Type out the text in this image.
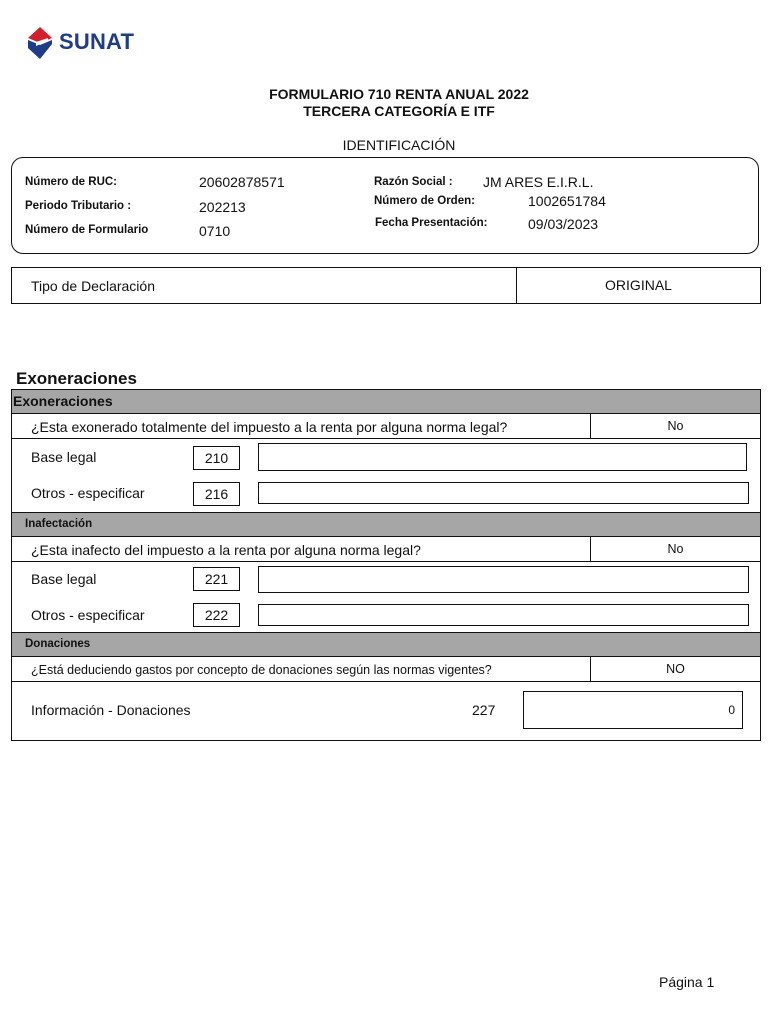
SUNAT
FORMULARIO 710 RENTA ANUAL 2022
TERCERA CATEGORÍA E ITF
IDENTIFICACIÓN
Número de RUC:	20602878571
Periodo Tributario :	202213
Número de Formulario	0710
Razón Social : JM ARES E.I.R.L.
Número de Orden:	1002651784
Fecha Presentación:	09/03/2023
Tipo de Declaración	ORIGINAL
Exoneraciones
Exoneraciones
¿Esta exonerado totalmente del impuesto a la renta por alguna norma legal?	No
Base legal	210
Otros - especificar	216
Inafectación
¿Esta inafecto del impuesto a la renta por alguna norma legal?	No
Base legal	221
Otros - especificar	222
Donaciones
¿Está deduciendo gastos por concepto de donaciones según las normas vigentes?	NO
Información - Donaciones	227	0
Página 1
